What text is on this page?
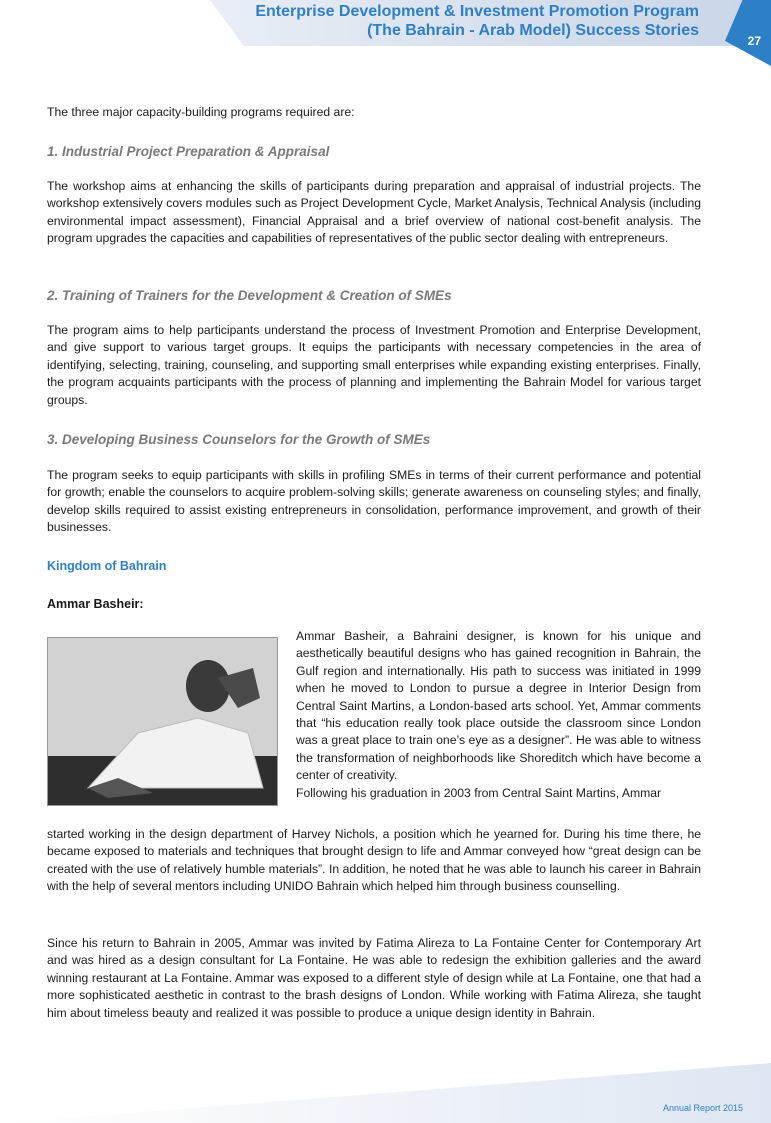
Enterprise Development & Investment Promotion Program
(The Bahrain - Arab Model) Success Stories
27
The three major capacity-building programs required are:
1. Industrial Project Preparation & Appraisal
The workshop aims at enhancing the skills of participants during preparation and appraisal of industrial projects. The workshop extensively covers modules such as Project Development Cycle, Market Analysis, Technical Analysis (including environmental impact assessment), Financial Appraisal and a brief overview of national cost-benefit analysis. The program upgrades the capacities and capabilities of representatives of the public sector dealing with entrepreneurs.
2. Training of Trainers for the Development & Creation of SMEs
The program aims to help participants understand the process of Investment Promotion and Enterprise Development, and give support to various target groups. It equips the participants with necessary competencies in the area of identifying, selecting, training, counseling, and supporting small enterprises while expanding existing enterprises. Finally, the program acquaints participants with the process of planning and implementing the Bahrain Model for various target groups.
3. Developing Business Counselors for the Growth of SMEs
The program seeks to equip participants with skills in profiling SMEs in terms of their current performance and potential for growth; enable the counselors to acquire problem-solving skills; generate awareness on counseling styles; and finally, develop skills required to assist existing entrepreneurs in consolidation, performance improvement, and growth of their businesses.
Kingdom of Bahrain
Ammar Basheir:
Ammar Basheir, a Bahraini designer, is known for his unique and aesthetically beautiful designs who has gained recognition in Bahrain, the Gulf region and internationally. His path to success was initiated in 1999 when he moved to London to pursue a degree in Interior Design from Central Saint Martins, a London-based arts school. Yet, Ammar comments that “his education really took place outside the classroom since London was a great place to train one’s eye as a designer”. He was able to witness the transformation of neighborhoods like Shoreditch which have become a center of creativity.
Following his graduation in 2003 from Central Saint Martins, Ammar
started working in the design department of Harvey Nichols, a position which he yearned for. During his time there, he became exposed to materials and techniques that brought design to life and Ammar conveyed how “great design can be created with the use of relatively humble materials”. In addition, he noted that he was able to launch his career in Bahrain with the help of several mentors including UNIDO Bahrain which helped him through business counselling.
Since his return to Bahrain in 2005, Ammar was invited by Fatima Alireza to La Fontaine Center for Contemporary Art and was hired as a design consultant for La Fontaine. He was able to redesign the exhibition galleries and the award winning restaurant at La Fontaine. Ammar was exposed to a different style of design while at La Fontaine, one that had a more sophisticated aesthetic in contrast to the brash designs of London. While working with Fatima Alireza, she taught him about timeless beauty and realized it was possible to produce a unique design identity in Bahrain.
Annual Report 2015
